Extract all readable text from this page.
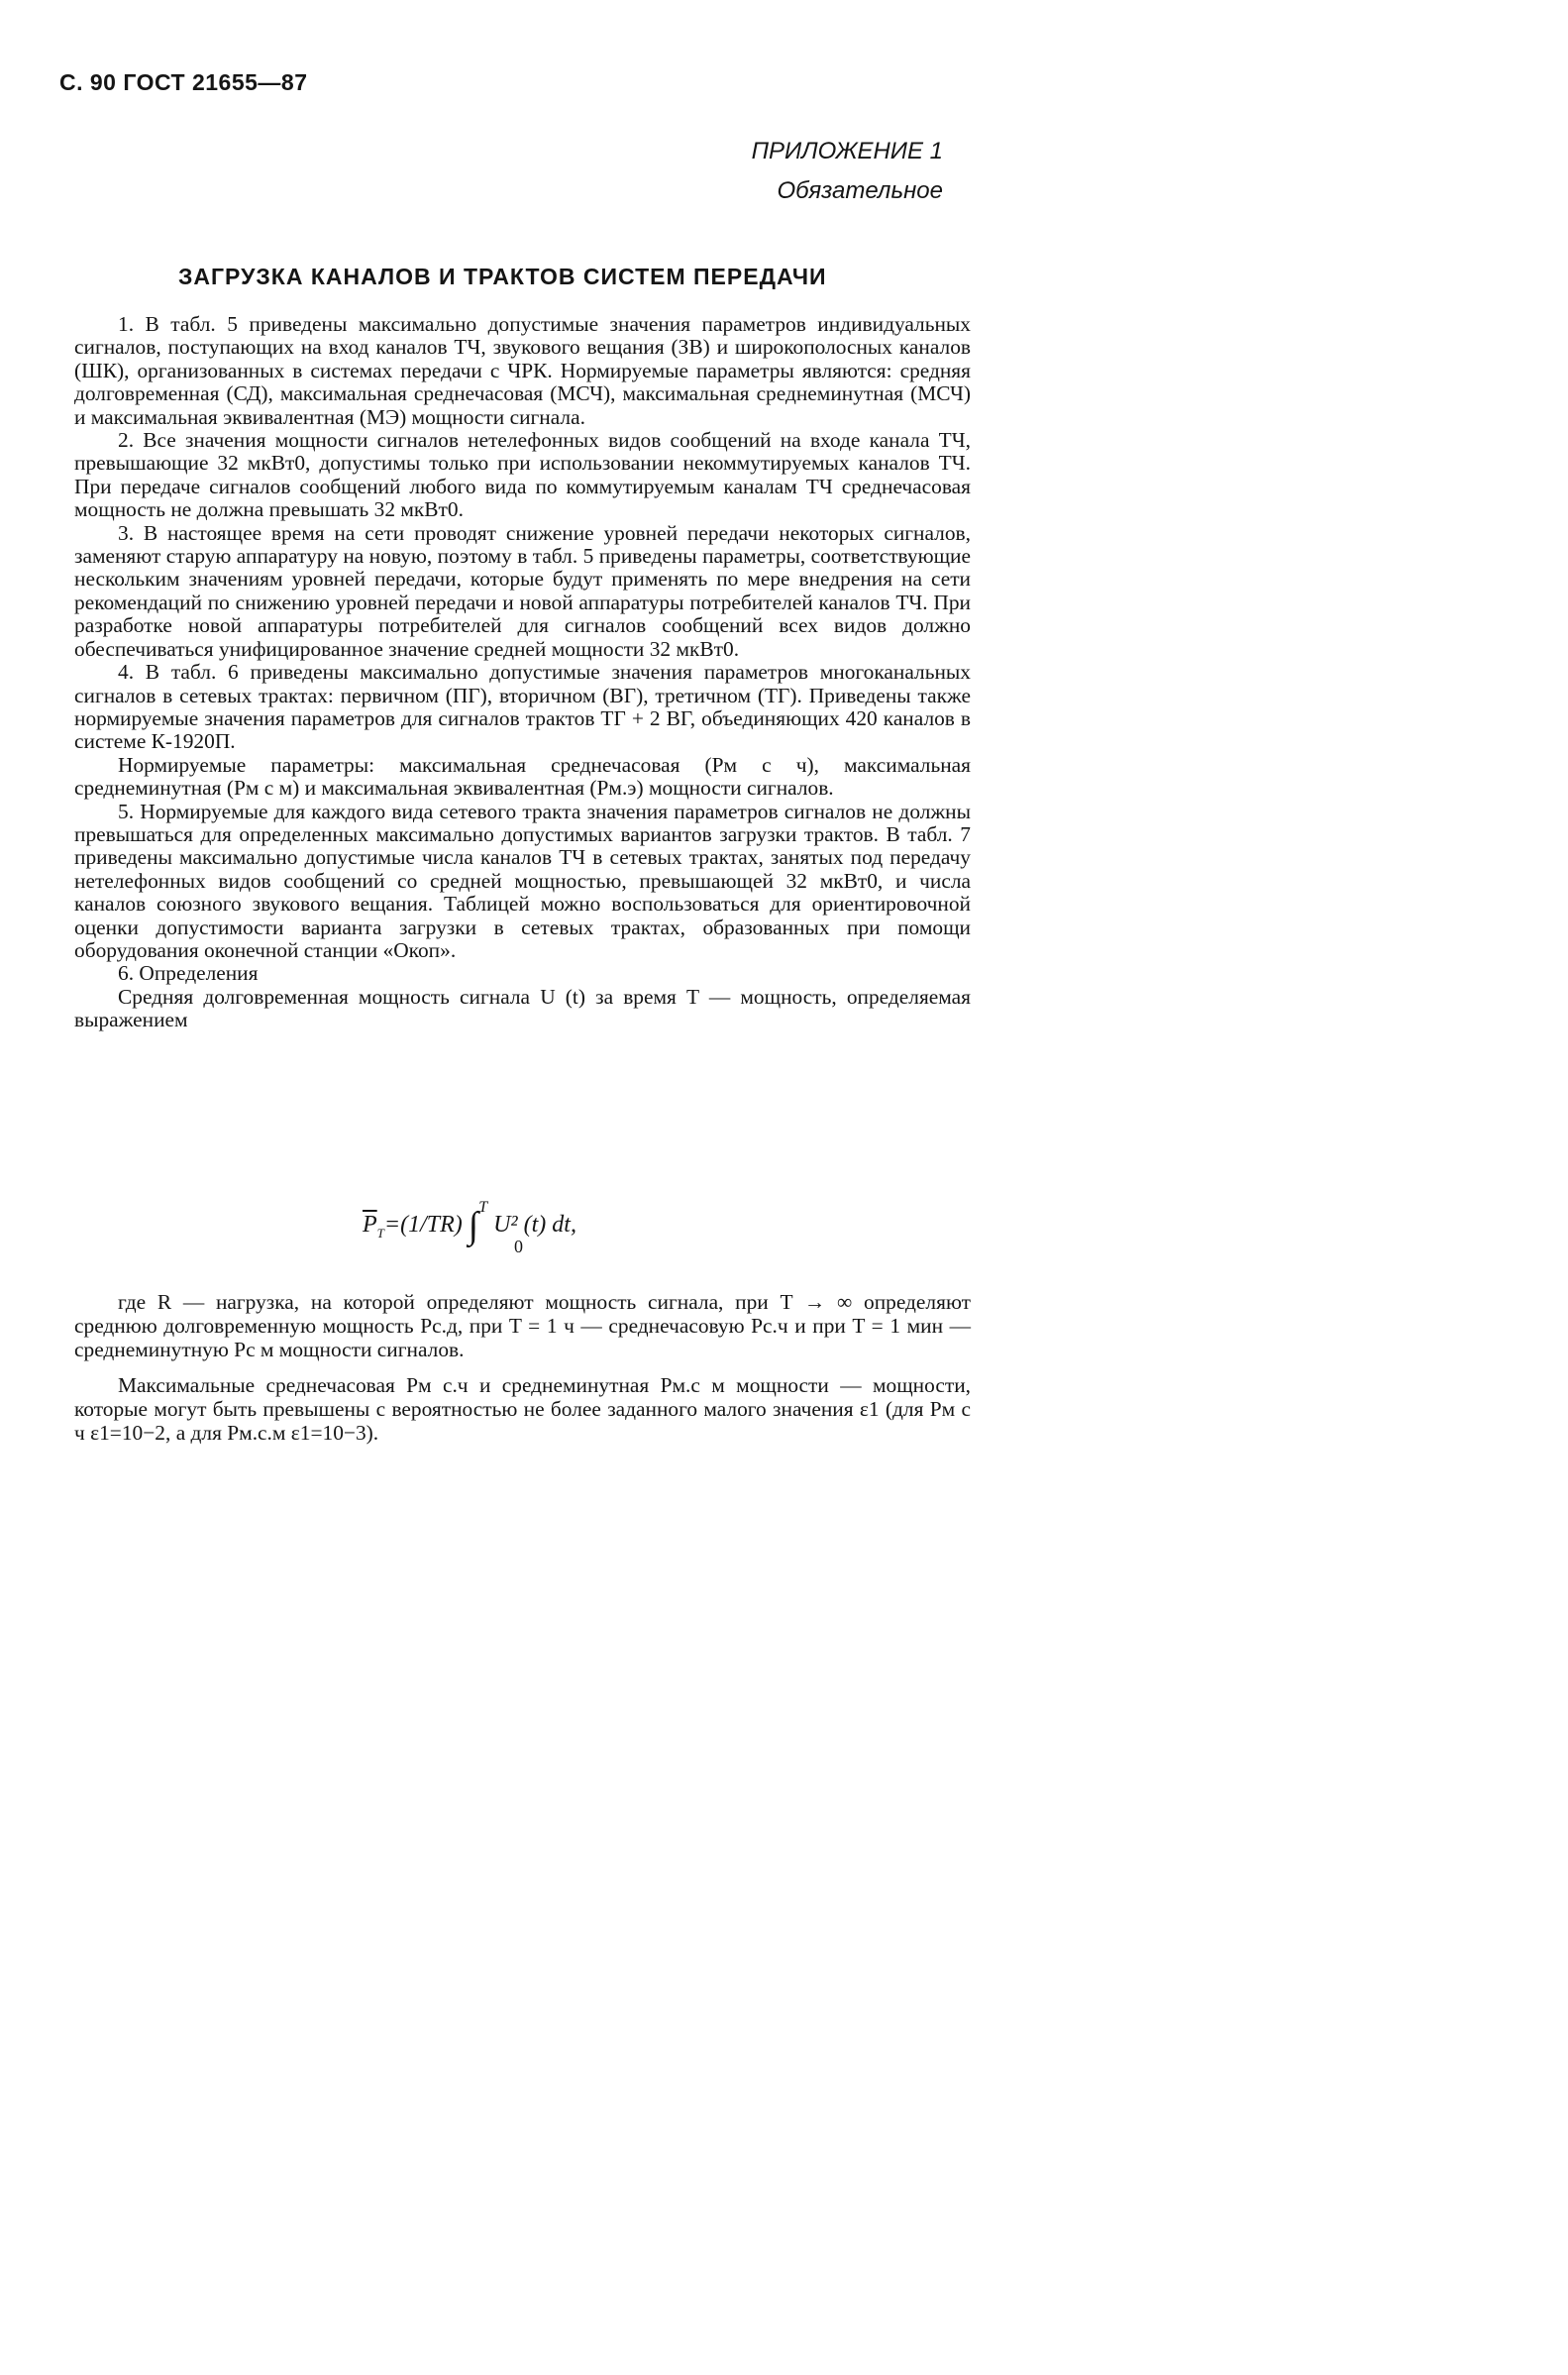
С. 90 ГОСТ 21655—87
ПРИЛОЖЕНИЕ 1
Обязательное
ЗАГРУЗКА КАНАЛОВ И ТРАКТОВ СИСТЕМ ПЕРЕДАЧИ

1. В табл. 5 приведены максимально допустимые значения параметров индивидуальных сигналов, поступающих на вход каналов ТЧ, звукового вещания (ЗВ) и широкополосных каналов (ШК), организованных в системах передачи с ЧРК. Нормируемые параметры являются: средняя долговременная (СД), максимальная среднечасовая (МСЧ), максимальная среднеминутная (МСЧ) и максимальная эквивалентная (МЭ) мощности сигнала.

2. Все значения мощности сигналов нетелефонных видов сообщений на входе канала ТЧ, превышающие 32 мкВт0, допустимы только при использовании некоммутируемых каналов ТЧ. При передаче сигналов сообщений любого вида по коммутируемым каналам ТЧ среднечасовая мощность не должна превышать 32 мкВт0.

3. В настоящее время на сети проводят снижение уровней передачи некоторых сигналов, заменяют старую аппаратуру на новую, поэтому в табл. 5 приведены параметры, соответствующие нескольким значениям уровней передачи, которые будут применять по мере внедрения на сети рекомендаций по снижению уровней передачи и новой аппаратуры потребителей каналов ТЧ. При разработке новой аппаратуры потребителей для сигналов сообщений всех видов должно обеспечиваться унифицированное значение средней мощности 32 мкВт0.

4. В табл. 6 приведены максимально допустимые значения параметров многоканальных сигналов в сетевых трактах: первичном (ПГ), вторичном (ВГ), третичном (ТГ). Приведены также нормируемые значения параметров для сигналов трактов ТГ + 2 ВГ, объединяющих 420 каналов в системе К-1920П.

Нормируемые параметры: максимальная среднечасовая (Pм с ч), максимальная среднеминутная (Pм с м) и максимальная эквивалентная (Pм.э) мощности сигналов.

5. Нормируемые для каждого вида сетевого тракта значения параметров сигналов не должны превышаться для определенных максимально допустимых вариантов загрузки трактов. В табл. 7 приведены максимально допустимые числа каналов ТЧ в сетевых трактах, занятых под передачу нетелефонных видов сообщений со средней мощностью, превышающей 32 мкВт0, и числа каналов союзного звукового вещания. Таблицей можно воспользоваться для ориентировочной оценки допустимости варианта загрузки в сетевых трактах, образованных при помощи оборудования оконечной станции «Окоп».

6. Определения

Средняя долговременная мощность сигнала U (t) за время T — мощность, определяемая выражением

$\overline{P}_T=(1/TR)$ ∫$^T$ U² (t) dt,
0

где R — нагрузка, на которой определяют мощность сигнала, при T → ∞ определяют среднюю долговременную мощность Pс.д, при T = 1 ч — среднечасовую Pс.ч и при T = 1 мин — среднеминутную Pс м мощности сигналов.

Максимальные среднечасовая Pм с.ч и среднеминутная Pм.с м мощности — мощности, которые могут быть превышены с вероятностью не более заданного малого значения ε1 (для Pм с ч ε1=10−2, а для Pм.с.м ε1=10−3).
